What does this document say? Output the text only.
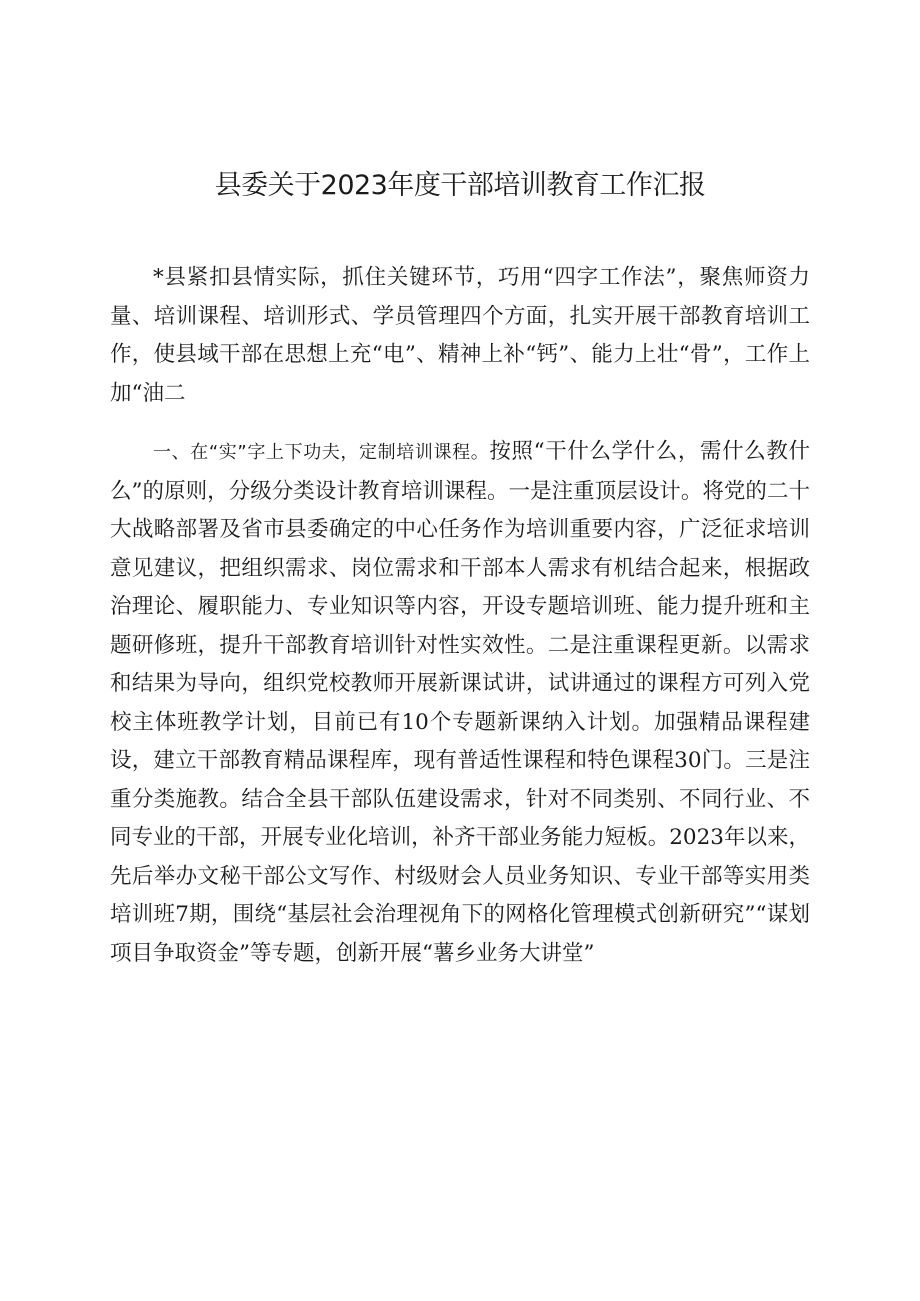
县委关于2023年度干部培训教育工作汇报

*县紧扣县情实际，抓住关键环节，巧用“四字工作法”，聚焦师资力量、培训课程、培训形式、学员管理四个方面，扎实开展干部教育培训工作，使县域干部在思想上充“电”、精神上补“钙”、能力上壮“骨”，工作上加“油二

一、在“实”字上下功夫，定制培训课程。按照“干什么学什么，需什么教什么”的原则，分级分类设计教育培训课程。一是注重顶层设计。将党的二十大战略部署及省市县委确定的中心任务作为培训重要内容，广泛征求培训意见建议，把组织需求、岗位需求和干部本人需求有机结合起来，根据政治理论、履职能力、专业知识等内容，开设专题培训班、能力提升班和主题研修班，提升干部教育培训针对性实效性。二是注重课程更新。以需求和结果为导向，组织党校教师开展新课试讲，试讲通过的课程方可列入党校主体班教学计划，目前已有10个专题新课纳入计划。加强精品课程建设，建立干部教育精品课程库，现有普适性课程和特色课程30门。三是注重分类施教。结合全县干部队伍建设需求，针对不同类别、不同行业、不同专业的干部，开展专业化培训，补齐干部业务能力短板。2023年以来，先后举办文秘干部公文写作、村级财会人员业务知识、专业干部等实用类培训班7期，围绕“基层社会治理视角下的网格化管理模式创新研究”“谋划项目争取资金”等专题，创新开展“薯乡业务大讲堂”
